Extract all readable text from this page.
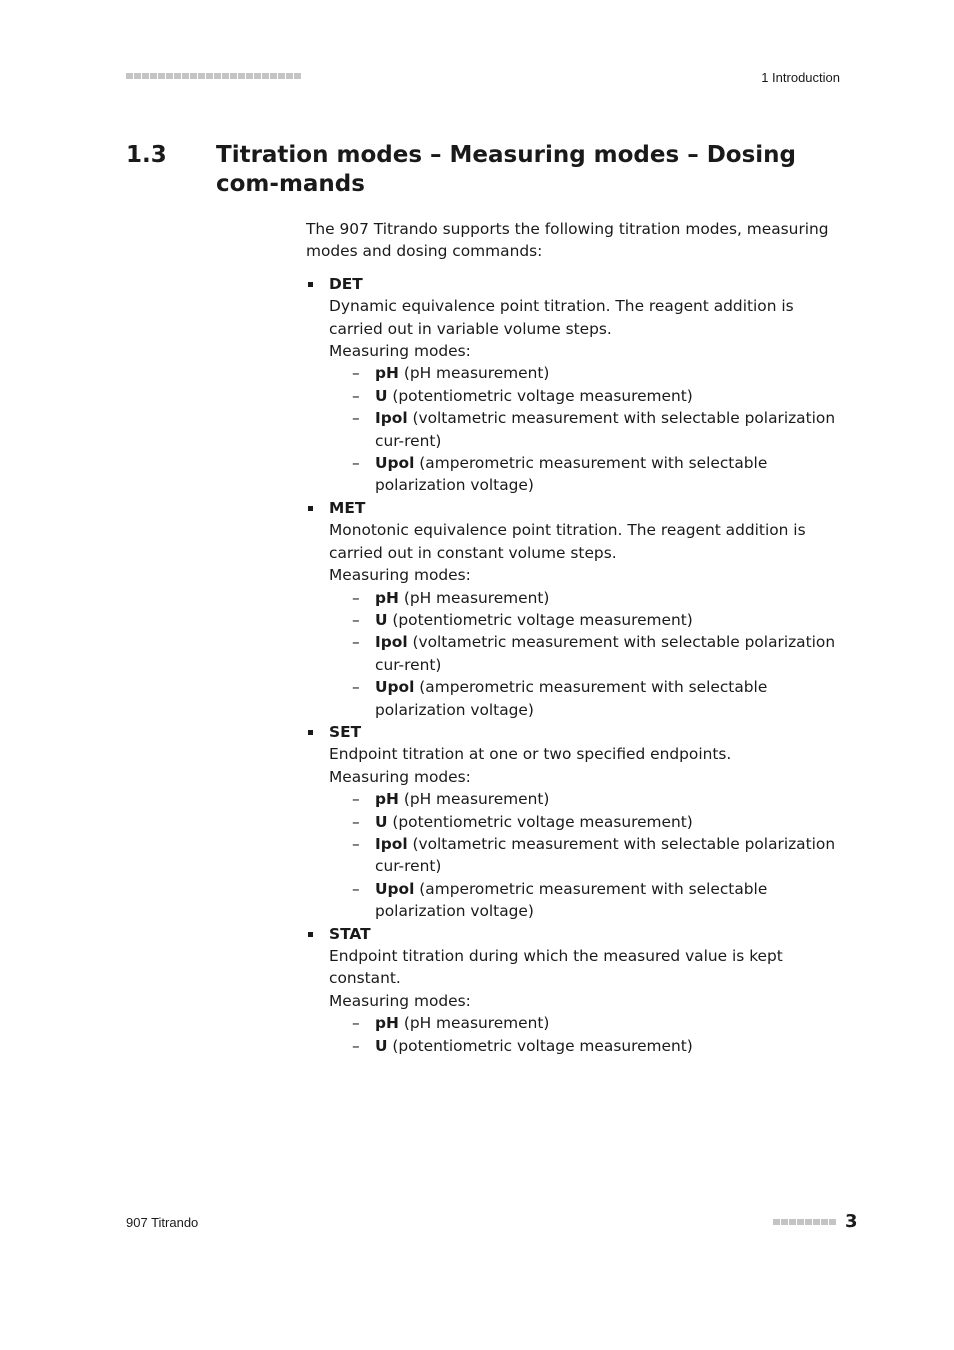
1 Introduction
1.3 Titration modes – Measuring modes – Dosing com-mands

The 907 Titrando supports the following titration modes, measuring modes and dosing commands:

DET
Dynamic equivalence point titration. The reagent addition is carried out in variable volume steps.
Measuring modes:
– pH (pH measurement)
– U (potentiometric voltage measurement)
– Ipol (voltametric measurement with selectable polarization cur-rent)
– Upol (amperometric measurement with selectable polarization voltage)
MET
Monotonic equivalence point titration. The reagent addition is carried out in constant volume steps.
Measuring modes:
– pH (pH measurement)
– U (potentiometric voltage measurement)
– Ipol (voltametric measurement with selectable polarization cur-rent)
– Upol (amperometric measurement with selectable polarization voltage)
SET
Endpoint titration at one or two specified endpoints.
Measuring modes:
– pH (pH measurement)
– U (potentiometric voltage measurement)
– Ipol (voltametric measurement with selectable polarization cur-rent)
– Upol (amperometric measurement with selectable polarization voltage)
STAT
Endpoint titration during which the measured value is kept constant.
Measuring modes:
– pH (pH measurement)
– U (potentiometric voltage measurement)
907 Titrando	3
